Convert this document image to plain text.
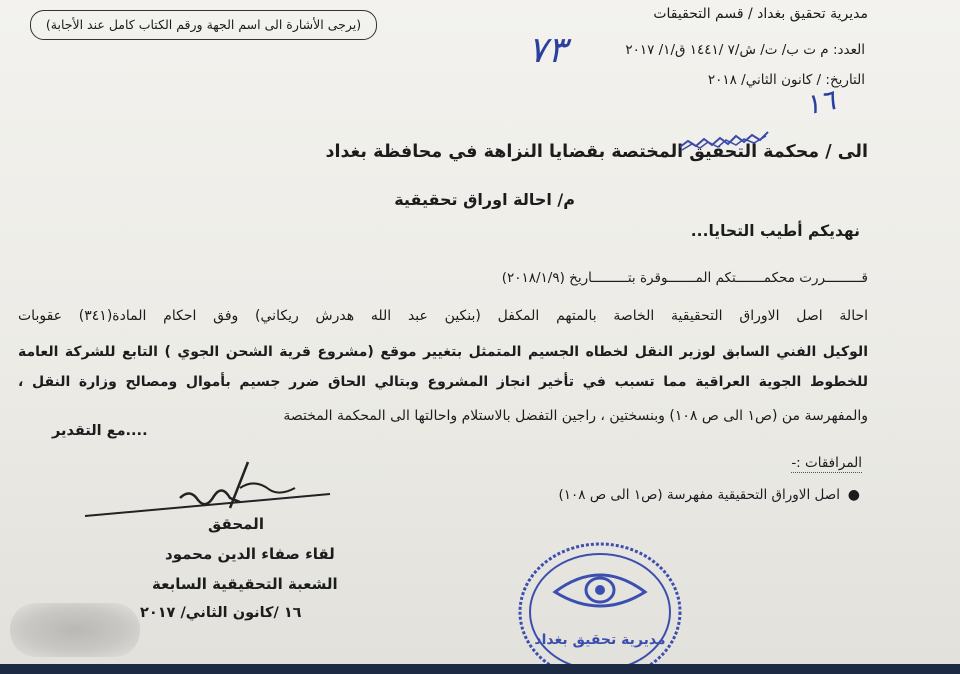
مديرية تحقيق بغداد / قسم التحقيقات
(يرجى الأشارة الى اسم الجهة ورقم الكتاب كامل عند الأجابة)
العدد: م ت ب/ ت/ ش/٧ /١٤٤١ ق/١/ ٢٠١٧
٧٣
التاريخ: / كانون الثاني/ ٢٠١٨
١٦
الى / محكمة التحقيق المختصة بقضايا النزاهة في محافظة بغداد
م/ احالة اوراق تحقيقية
نهديكم أطيب التحايا...
قـــــــــررت محكمـــــــتكم المـــــــوقرة بتـــــــــاريخ (٢٠١٨/١/٩)
احالة اصل الاوراق التحقيقية الخاصة بالمتهم المكفل (بنكين عبد الله هدرش ريكاني) وفق احكام المادة(٣٤١) عقوبات
الوكيل الفني السابق لوزير النقل لخطاه الجسيم المتمثل بتغيير موقع (مشروع قرية الشحن الجوي ) التابع للشركة العامة
للخطوط الجوية العراقية مما تسبب في تأخير انجاز المشروع وبتالي الحاق ضرر جسيم بأموال ومصالح وزارة النقل ،
والمفهرسة من (ص١ الى ص ١٠٨) وبنسختين ، راجين التفضل بالاستلام واحالتها الى المحكمة المختصة
....مع التقدير
المرافقات :-
●
اصل الاوراق التحقيقية مفهرسة (ص١ الى ص ١٠٨)
المحقق
لقاء صفاء الدين محمود
الشعبة التحقيقية السابعة
١٦ /كانون الثاني/ ٢٠١٧
مديرية تحقيق بغداد
